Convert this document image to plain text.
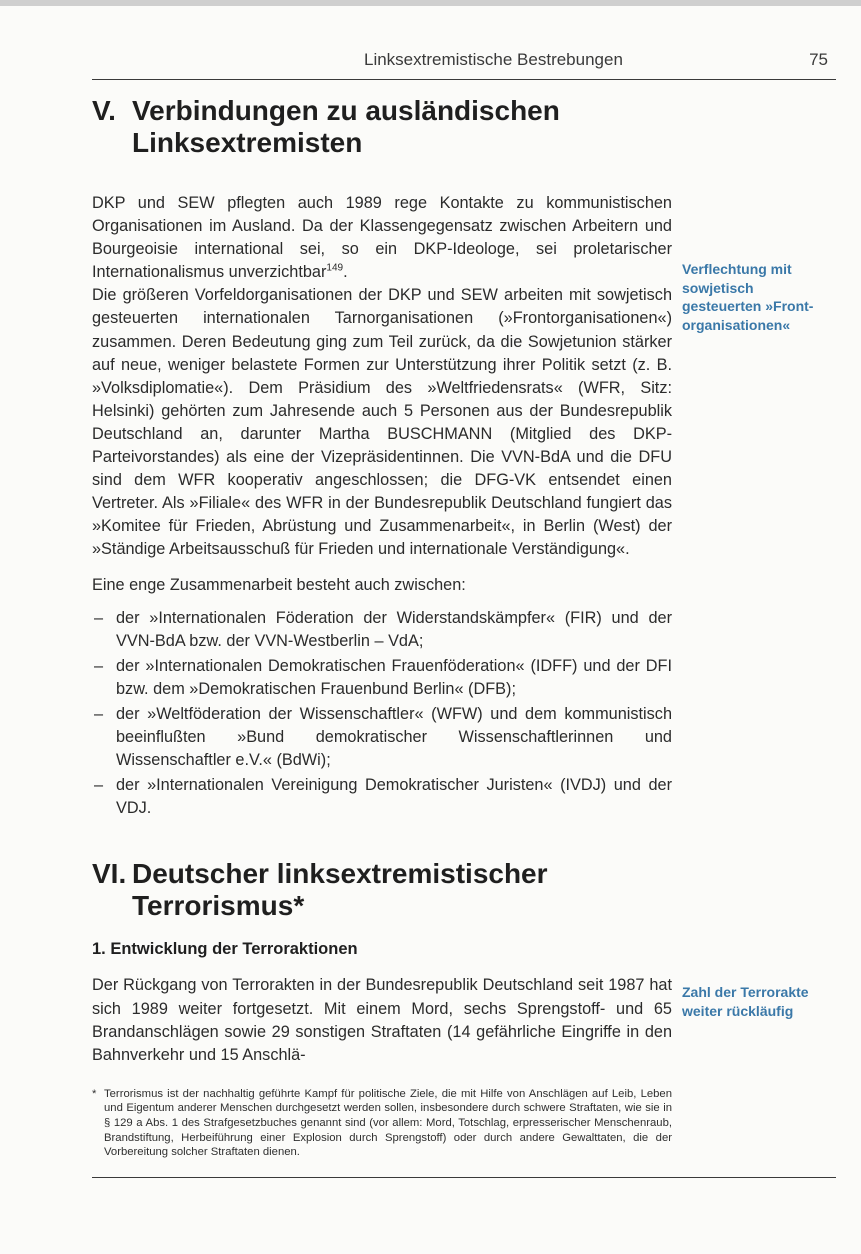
Linksextremistische Bestrebungen	75
V. Verbindungen zu ausländischen
Linksextremisten

DKP und SEW pflegten auch 1989 rege Kontakte zu kommunistischen Organisationen im Ausland. Da der Klassengegensatz zwischen Arbeitern und Bourgeoisie international sei, so ein DKP-Ideologe, sei proletarischer Internationalismus unverzichtbar$^{149}$.

Die größeren Vorfeldorganisationen der DKP und SEW arbeiten mit sowjetisch gesteuerten internationalen Tarnorganisationen (»Frontorganisationen«) zusammen. Deren Bedeutung ging zum Teil zurück, da die Sowjetunion stärker auf neue, weniger belastete Formen zur Unterstützung ihrer Politik setzt (z. B. »Volksdiplomatie«). Dem Präsidium des »Weltfriedensrats« (WFR, Sitz: Helsinki) gehörten zum Jahresende auch 5 Personen aus der Bundesrepublik Deutschland an, darunter Martha BUSCHMANN (Mitglied des DKP-Parteivorstandes) als eine der Vizepräsidentinnen. Die VVN-BdA und die DFU sind dem WFR kooperativ angeschlossen; die DFG-VK entsendet einen Vertreter. Als »Filiale« des WFR in der Bundesrepublik Deutschland fungiert das »Komitee für Frieden, Abrüstung und Zusammenarbeit«, in Berlin (West) der »Ständige Arbeitsausschuß für Frieden und internationale Verständigung«.

Eine enge Zusammenarbeit besteht auch zwischen:

– der »Internationalen Föderation der Widerstandskämpfer« (FIR) und der VVN-BdA bzw. der VVN-Westberlin – VdA;
– der »Internationalen Demokratischen Frauenföderation« (IDFF) und der DFI bzw. dem »Demokratischen Frauenbund Berlin« (DFB);
– der »Weltföderation der Wissenschaftler« (WFW) und dem kommunistisch beeinflußten »Bund demokratischer Wissenschaftlerinnen und Wissenschaftler e.V.« (BdWi);
– der »Internationalen Vereinigung Demokratischer Juristen« (IVDJ) und der VDJ.
VI. Deutscher linksextremistischer
Terrorismus*
1. Entwicklung der Terroraktionen

Der Rückgang von Terrorakten in der Bundesrepublik Deutschland seit 1987 hat sich 1989 weiter fortgesetzt. Mit einem Mord, sechs Sprengstoff- und 65 Brandanschlägen sowie 29 sonstigen Straftaten (14 gefährliche Eingriffe in den Bahnverkehr und 15 Anschlä-

* Terrorismus ist der nachhaltig geführte Kampf für politische Ziele, die mit Hilfe von Anschlägen auf Leib, Leben und Eigentum anderer Menschen durchgesetzt werden sollen, insbesondere durch schwere Straftaten, wie sie in § 129 a Abs. 1 des Strafgesetzbuches genannt sind (vor allem: Mord, Totschlag, erpresserischer Menschenraub, Brandstiftung, Herbeiführung einer Explosion durch Sprengstoff) oder durch andere Gewalttaten, die der Vorbereitung solcher Straftaten dienen.

Verflechtung mit sowjetisch gesteuerten »Front-organisationen«
Zahl der Terrorakte weiter rückläufig
